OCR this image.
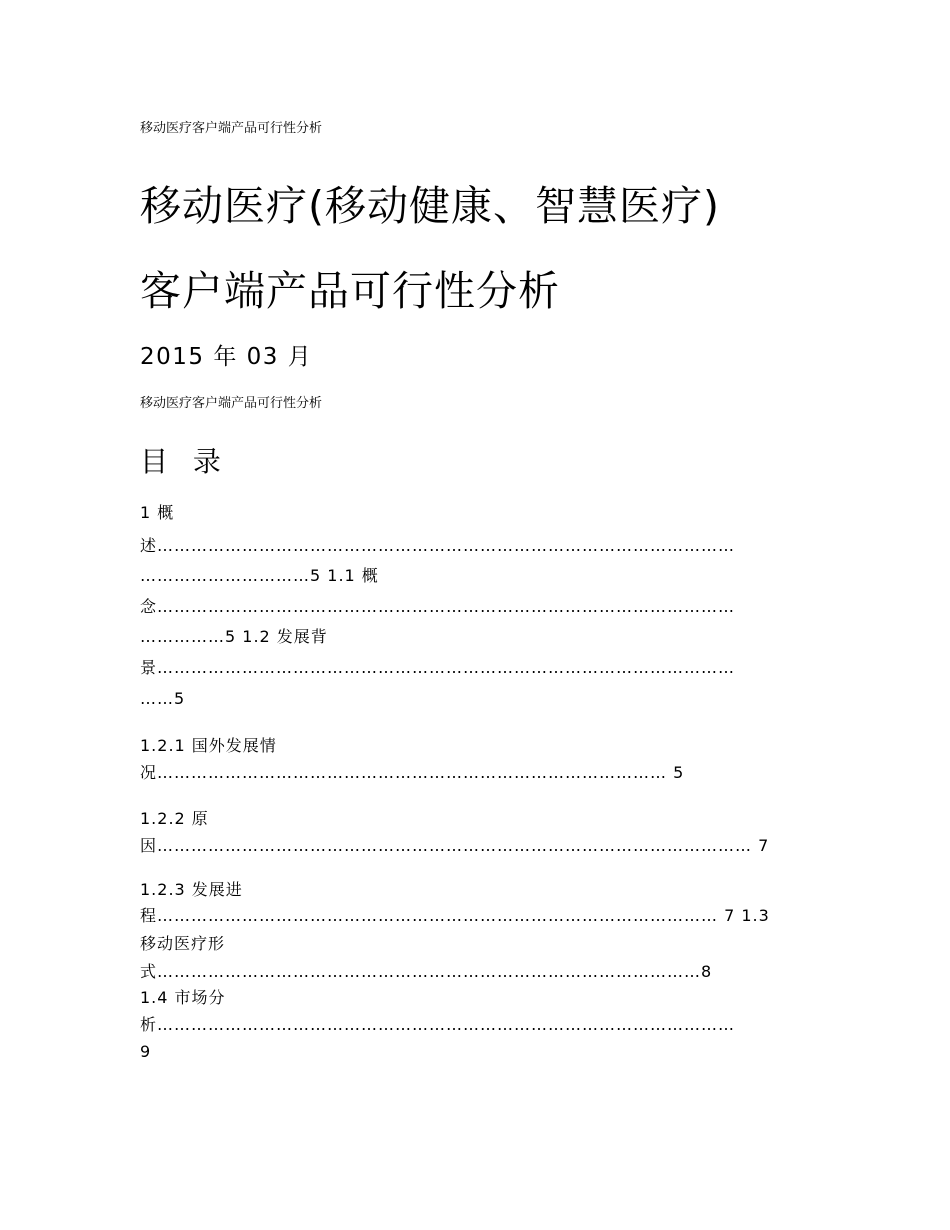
移动医疗客户端产品可行性分析
移动医疗(移动健康、智慧医疗)
客户端产品可行性分析
2015 年 03 月
移动医疗客户端产品可行性分析
目 录
1 概
述…………………………………………………………………………………………
…………………………5 1.1 概
念…………………………………………………………………………………………
……………5 1.2 发展背
景…………………………………………………………………………………………
……5
1.2.1 国外发展情
况……………………………………………………………………………… 5
1.2.2 原
因…………………………………………………………………………………………… 7
1.2.3 发展进
程……………………………………………………………………………………… 7 1.3
移动医疗形
式……………………………………………………………………………………8
1.4 市场分
析…………………………………………………………………………………………
9
